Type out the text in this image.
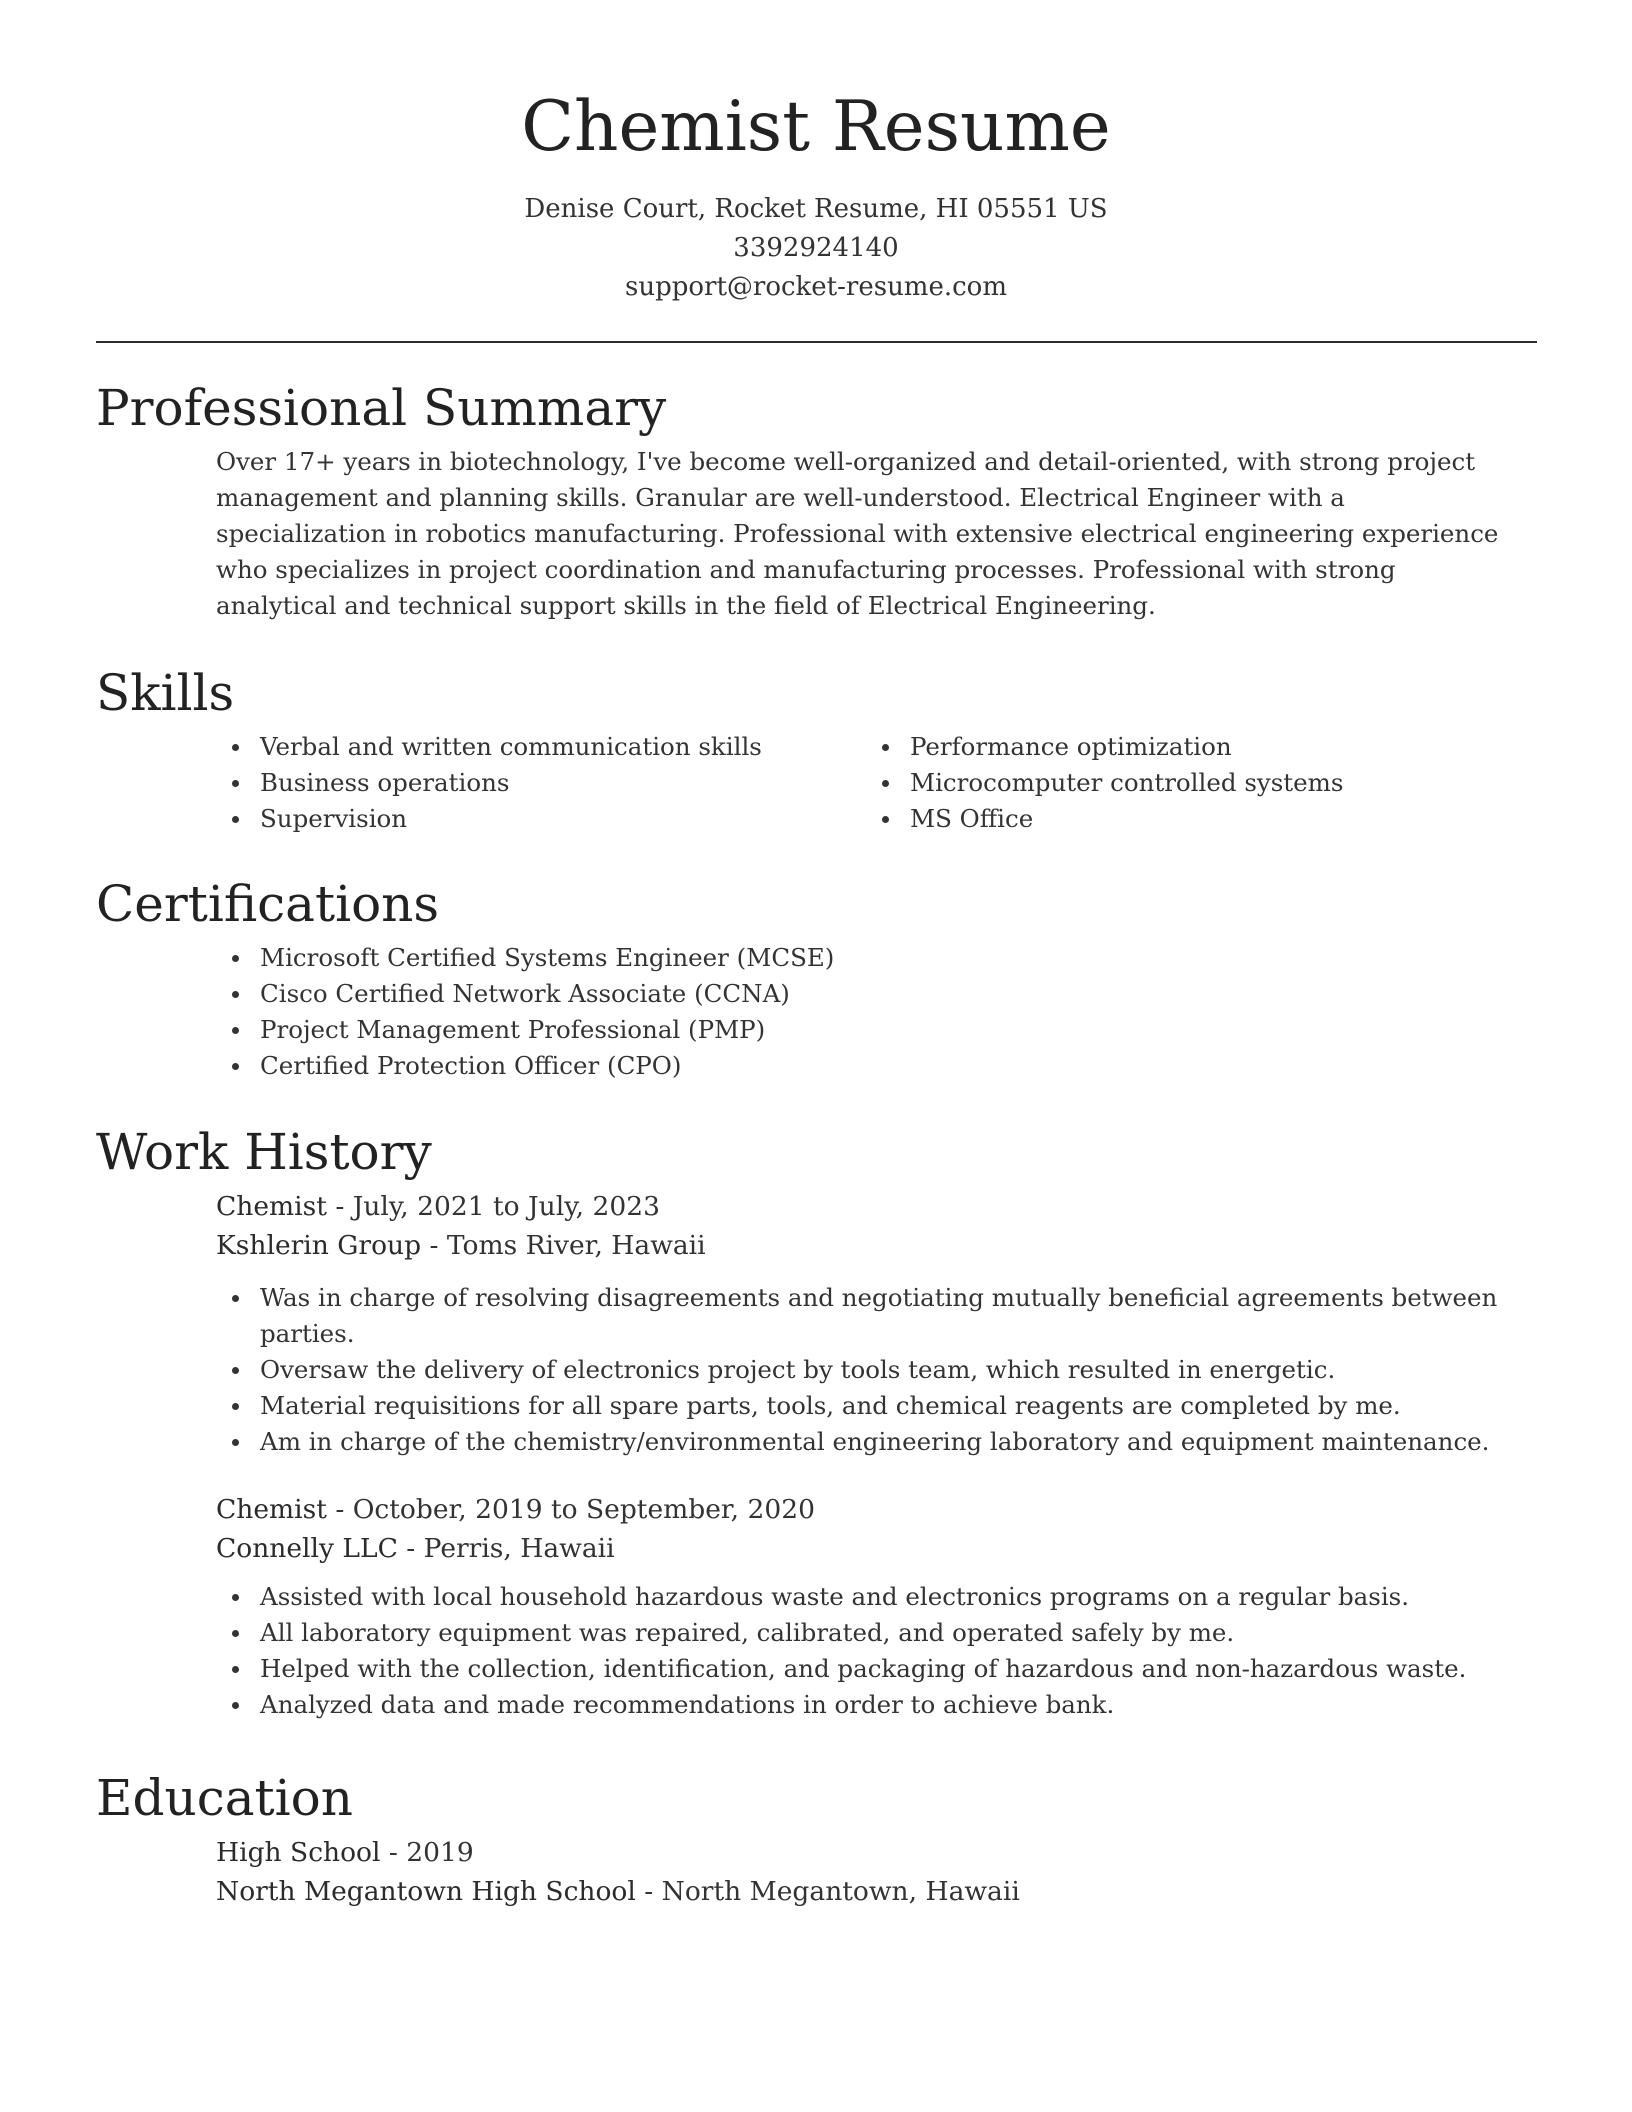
Chemist Resume
Denise Court, Rocket Resume, HI 05551 US
3392924140
support@rocket-resume.com
Professional Summary
Over 17+ years in biotechnology, I've become well-organized and detail-oriented, with strong project management and planning skills. Granular are well-understood. Electrical Engineer with a specialization in robotics manufacturing. Professional with extensive electrical engineering experience who specializes in project coordination and manufacturing processes. Professional with strong analytical and technical support skills in the field of Electrical Engineering.
Skills
Verbal and written communication skills
Business operations
Supervision
Performance optimization
Microcomputer controlled systems
MS Office
Certifications
Microsoft Certified Systems Engineer (MCSE)
Cisco Certified Network Associate (CCNA)
Project Management Professional (PMP)
Certified Protection Officer (CPO)
Work History
Chemist - July, 2021 to July, 2023
Kshlerin Group - Toms River, Hawaii
Was in charge of resolving disagreements and negotiating mutually beneficial agreements between parties.
Oversaw the delivery of electronics project by tools team, which resulted in energetic.
Material requisitions for all spare parts, tools, and chemical reagents are completed by me.
Am in charge of the chemistry/environmental engineering laboratory and equipment maintenance.
Chemist - October, 2019 to September, 2020
Connelly LLC - Perris, Hawaii
Assisted with local household hazardous waste and electronics programs on a regular basis.
All laboratory equipment was repaired, calibrated, and operated safely by me.
Helped with the collection, identification, and packaging of hazardous and non-hazardous waste.
Analyzed data and made recommendations in order to achieve bank.
Education
High School - 2019
North Megantown High School - North Megantown, Hawaii
